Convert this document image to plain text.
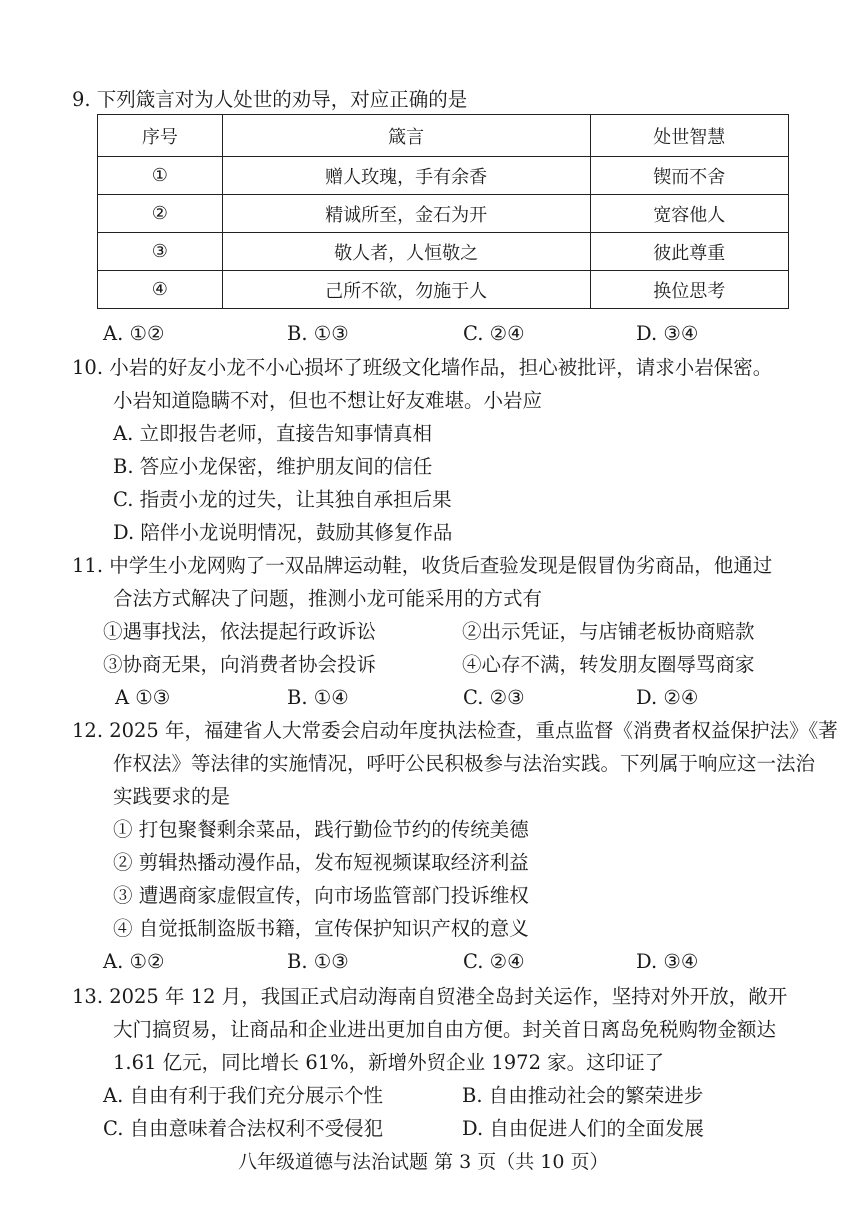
9. 下列箴言对为人处世的劝导，对应正确的是
序号	箴言	处世智慧
①	赠人玫瑰，手有余香	锲而不舍
②	精诚所至，金石为开	宽容他人
③	敬人者，人恒敬之	彼此尊重
④	己所不欲，勿施于人	换位思考
A. ①②	B. ①③	C. ②④	D. ③④
10. 小岩的好友小龙不小心损坏了班级文化墙作品，担心被批评，请求小岩保密。
小岩知道隐瞒不对，但也不想让好友难堪。小岩应
A. 立即报告老师，直接告知事情真相
B. 答应小龙保密，维护朋友间的信任
C. 指责小龙的过失，让其独自承担后果
D. 陪伴小龙说明情况，鼓励其修复作品
11. 中学生小龙网购了一双品牌运动鞋，收货后查验发现是假冒伪劣商品，他通过
合法方式解决了问题，推测小龙可能采用的方式有
①遇事找法，依法提起行政诉讼	②出示凭证，与店铺老板协商赔款
③协商无果，向消费者协会投诉	④心存不满，转发朋友圈辱骂商家
A ①③	B. ①④	C. ②③	D. ②④
12. 2025 年，福建省人大常委会启动年度执法检查，重点监督《消费者权益保护法》《著
作权法》等法律的实施情况，呼吁公民积极参与法治实践。下列属于响应这一法治
实践要求的是
① 打包聚餐剩余菜品，践行勤俭节约的传统美德
② 剪辑热播动漫作品，发布短视频谋取经济利益
③ 遭遇商家虚假宣传，向市场监管部门投诉维权
④ 自觉抵制盗版书籍，宣传保护知识产权的意义
A. ①②	B. ①③	C. ②④	D. ③④
13. 2025 年 12 月，我国正式启动海南自贸港全岛封关运作，坚持对外开放，敞开
大门搞贸易，让商品和企业进出更加自由方便。封关首日离岛免税购物金额达
1.61 亿元，同比增长 61%，新增外贸企业 1972 家。这印证了
A. 自由有利于我们充分展示个性	B. 自由推动社会的繁荣进步
C. 自由意味着合法权利不受侵犯	D. 自由促进人们的全面发展
八年级道德与法治试题 第 3 页（共 10 页）
